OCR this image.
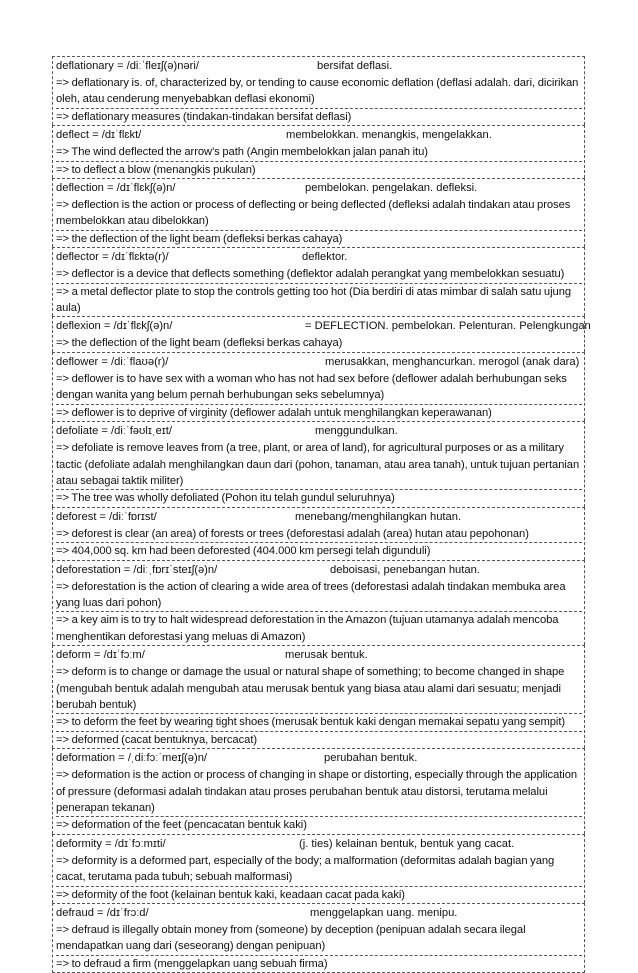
deflationary = /diːˈfleɪʃ(ə)nəri/	bersifat deflasi.
=> deflationary is. of, characterized by, or tending to cause economic deflation (deflasi adalah. dari, dicirikan oleh, atau cenderung menyebabkan deflasi ekonomi)
=> deflationary measures (tindakan-tindakan bersifat deflasi)
deflect = /dɪˈflɛkt/	membelokkan. menangkis, mengelakkan.
=> The wind deflected the arrow's path (Angin membelokkan jalan panah itu)
=> to deflect a blow (menangkis pukulan)
deflection = /dɪˈflɛkʃ(ə)n/	pembelokan. pengelakan. defleksi.
=> deflection is the action or process of deflecting or being deflected (defleksi adalah tindakan atau proses membelokkan atau dibelokkan)
=> the deflection of the light beam (defleksi berkas cahaya)
deflector = /dɪˈflɛktə(r)/	deflektor.
=> deflector is a device that deflects something (deflektor adalah perangkat yang membelokkan sesuatu)
=> a metal deflector plate to stop the controls getting too hot (Dia berdiri di atas mimbar di salah satu ujung aula)
deflexion = /dɪˈflɛkʃ(ə)n/	= DEFLECTION. pembelokan. Pelenturan. Pelengkungan
=> the deflection of the light beam (defleksi berkas cahaya)
deflower = /diːˈflaʊə(r)/	merusakkan, menghancurkan. merogol (anak dara)
=> deflower is to have sex with a woman who has not had sex before (deflower adalah berhubungan seks dengan wanita yang belum pernah berhubungan seks sebelumnya)
=> deflower is to deprive of virginity (deflower adalah untuk menghilangkan keperawanan)
defoliate = /diːˈfəʊlɪˌeɪt/	menggundulkan.
=> defoliate is remove leaves from (a tree, plant, or area of land), for agricultural purposes or as a military tactic (defoliate adalah menghilangkan daun dari (pohon, tanaman, atau area tanah), untuk tujuan pertanian atau sebagai taktik militer)
=> The tree was wholly defoliated (Pohon itu telah gundul seluruhnya)
deforest = /diːˈfɒrɪst/	menebang/menghilangkan hutan.
=> deforest is clear (an area) of forests or trees (deforestasi adalah (area) hutan atau pepohonan)
=> 404,000 sq. km had been deforested (404.000 km persegi telah digunduli)
deforestation = /diːˌfɒrɪˈsteɪʃ(ə)n/	deboisasi, penebangan hutan.
=> deforestation is the action of clearing a wide area of trees (deforestasi adalah tindakan membuka area yang luas dari pohon)
=> a key aim is to try to halt widespread deforestation in the Amazon (tujuan utamanya adalah mencoba menghentikan deforestasi yang meluas di Amazon)
deform = /dɪˈfɔːm/	merusak bentuk.
=> deform is to change or damage the usual or natural shape of something; to become changed in shape (mengubah bentuk adalah mengubah atau merusak bentuk yang biasa atau alami dari sesuatu; menjadi berubah bentuk)
=> to deform the feet by wearing tight shoes (merusak bentuk kaki dengan memakai sepatu yang sempit)
=> deformed (cacat bentuknya, bercacat)
deformation = /ˌdiːfɔːˈmeɪʃ(ə)n/	perubahan bentuk.
=> deformation is the action or process of changing in shape or distorting, especially through the application of pressure (deformasi adalah tindakan atau proses perubahan bentuk atau distorsi, terutama melalui penerapan tekanan)
=> deformation of the feet (pencacatan bentuk kaki)
deformity = /dɪˈfɔːmɪti/	(j. ties) kelainan bentuk, bentuk yang cacat.
=> deformity is a deformed part, especially of the body; a malformation (deformitas adalah bagian yang cacat, terutama pada tubuh; sebuah malformasi)
=> deformity of the foot (kelainan bentuk kaki, keadaan cacat pada kaki)
defraud = /dɪˈfrɔːd/	menggelapkan uang. menipu.
=> defraud is illegally obtain money from (someone) by deception (penipuan adalah secara ilegal mendapatkan uang dari (seseorang) dengan penipuan)
=> to defraud a firm (menggelapkan uang sebuah firma)
